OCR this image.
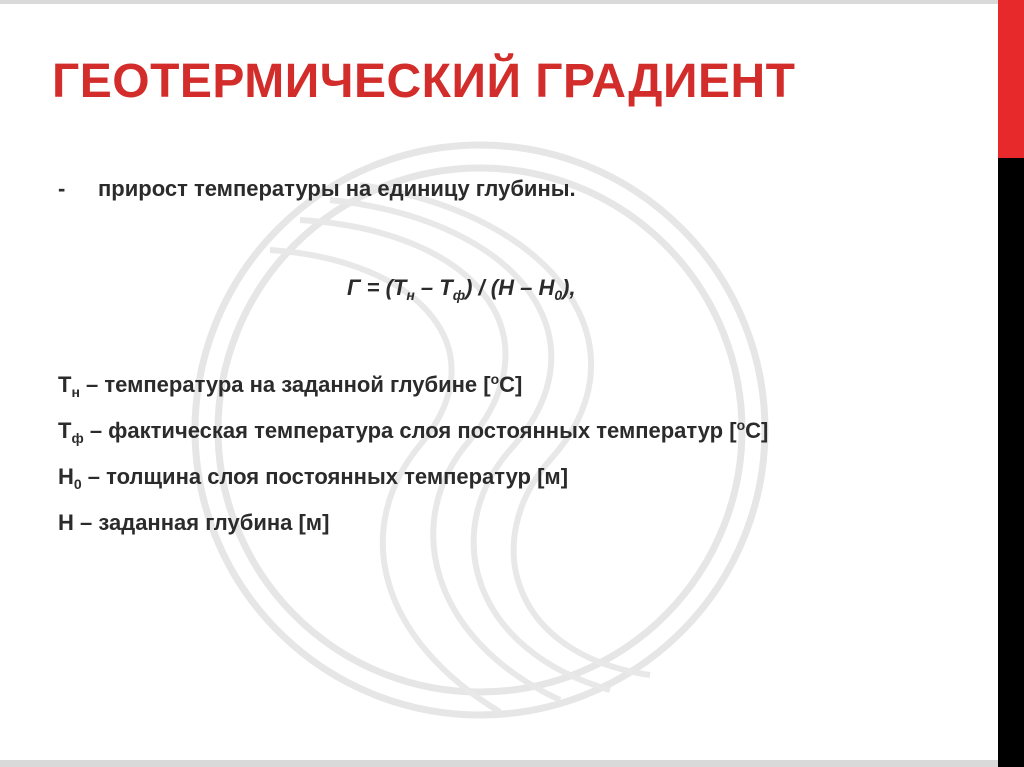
ГЕОТЕРМИЧЕСКИЙ ГРАДИЕНТ
- прирост температуры на единицу глубины.
$Г = (Т_н - Т_ф) / (Н - Н_0)$,
$Т_н$ – температура на заданной глубине [$^о$С]
$Т_ф$ – фактическая температура слоя постоянных температур [$^о$С]
$Н_0$ – толщина слоя постоянных температур [м]
Н – заданная глубина [м]
